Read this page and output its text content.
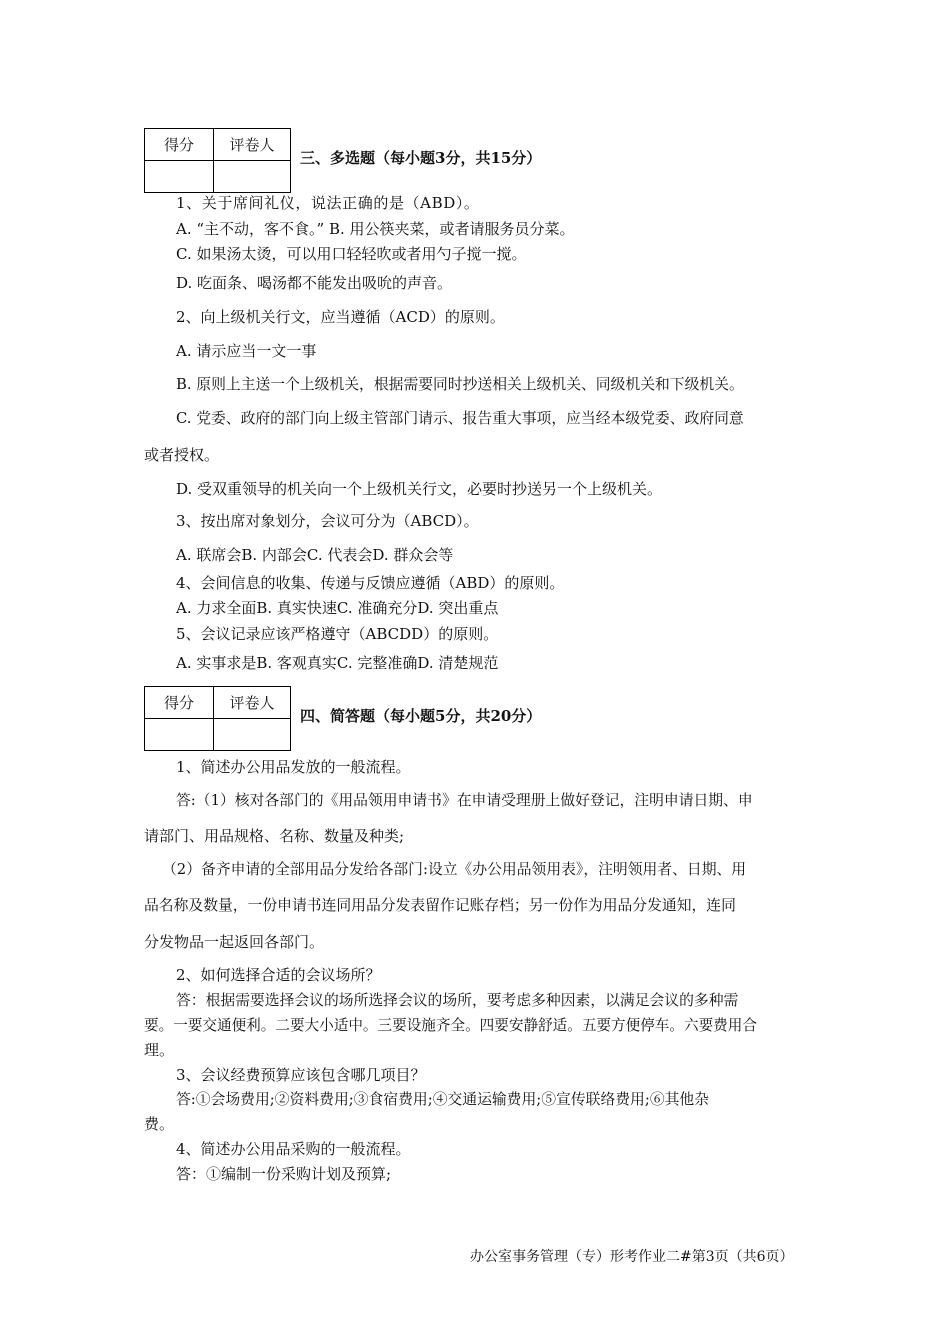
得分	评卷人

三、多选题（每小题3分，共15分）
1、关于席间礼仪，说法正确的是（ABD）。
A. “主不动，客不食。” B. 用公筷夹菜，或者请服务员分菜。
C. 如果汤太烫，可以用口轻轻吹或者用勺子搅一搅。
D. 吃面条、喝汤都不能发出吸吮的声音。
2、向上级机关行文，应当遵循（ACD）的原则。
A. 请示应当一文一事
B. 原则上主送一个上级机关，根据需要同时抄送相关上级机关、同级机关和下级机关。
C. 党委、政府的部门向上级主管部门请示、报告重大事项，应当经本级党委、政府同意
或者授权。
D. 受双重领导的机关向一个上级机关行文，必要时抄送另一个上级机关。
3、按出席对象划分，会议可分为（ABCD）。
A. 联席会B. 内部会C. 代表会D. 群众会等
4、会间信息的收集、传递与反馈应遵循（ABD）的原则。
A. 力求全面B. 真实快速C. 准确充分D. 突出重点
5、会议记录应该严格遵守（ABCDD）的原则。
A. 实事求是B. 客观真实C. 完整准确D. 清楚规范
得分	评卷人

四、简答题（每小题5分，共20分）
1、简述办公用品发放的一般流程。
答:（1）核对各部门的《用品领用申请书》在申请受理册上做好登记，注明申请日期、申
请部门、用品规格、名称、数量及种类;
（2）备齐申请的全部用品分发给各部门:设立《办公用品领用表》，注明领用者、日期、用
品名称及数量，一份申请书连同用品分发表留作记账存档；另一份作为用品分发通知，连同
分发物品一起返回各部门。
2、如何选择合适的会议场所？
答：根据需要选择会议的场所选择会议的场所，要考虑多种因素，以满足会议的多种需
要。一要交通便利。二要大小适中。三要设施齐全。四要安静舒适。五要方便停车。六要费用合
理。
3、会议经费预算应该包含哪几项目？
答:①会场费用;②资料费用;③食宿费用;④交通运输费用;⑤宣传联络费用;⑥其他杂
费。
4、简述办公用品采购的一般流程。
答：①编制一份采购计划及预算;
办公室事务管理（专）形考作业二#第3页（共6页）
